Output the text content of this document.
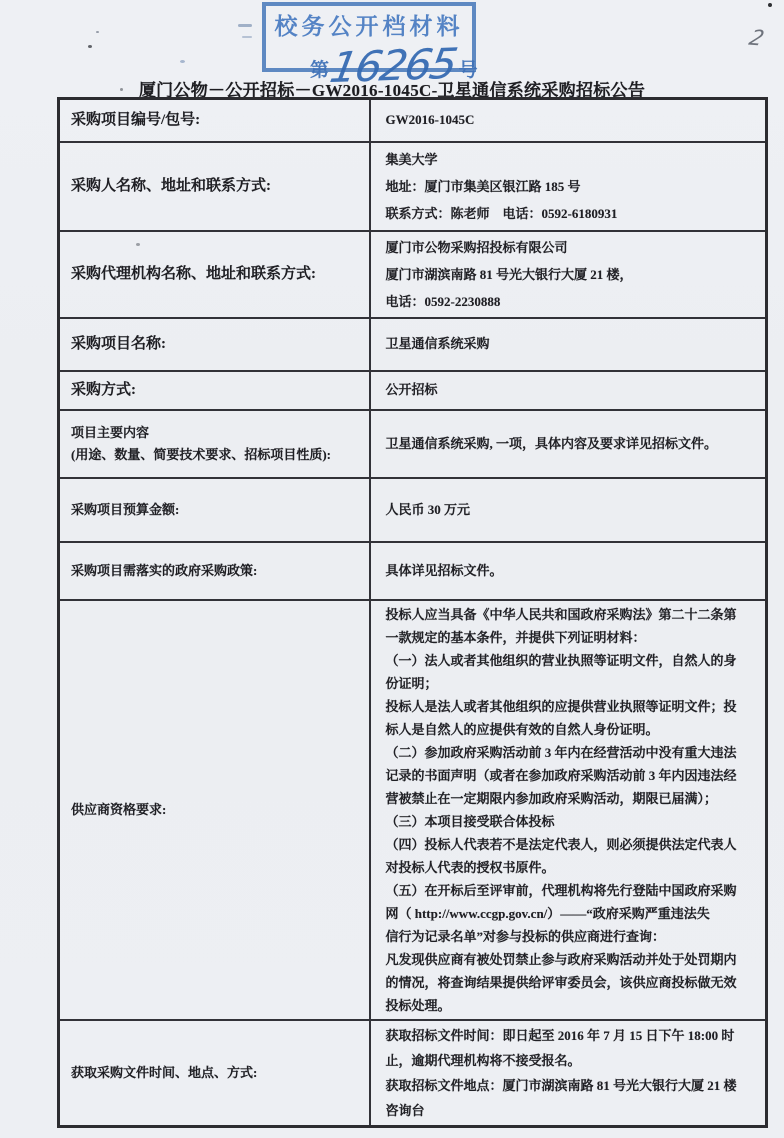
校务公开档材料
第
16265 号
2
厦门公物－公开招标－GW2016-1045C-卫星通信系统采购招标公告
采购项目编号/包号:	GW2016-1045C

采购人名称、地址和联系方式:	集美大学
地址：厦门市集美区银江路 185 号
联系方式：陈老师　电话：0592-6180931

采购代理机构名称、地址和联系方式:	厦门市公物采购招投标有限公司
厦门市湖滨南路 81 号光大银行大厦 21 楼，
电话：0592-2230888

采购项目名称:	卫星通信系统采购

采购方式:	公开招标

项目主要内容
(用途、数量、简要技术要求、招标项目性质):	卫星通信系统采购, 一项，具体内容及要求详见招标文件。

采购项目预算金额:	人民币 30 万元

采购项目需落实的政府采购政策:	具体详见招标文件。

供应商资格要求:

投标人应当具备《中华人民共和国政府采购法》第二十二条第
一款规定的基本条件，并提供下列证明材料：
（一）法人或者其他组织的营业执照等证明文件，自然人的身
份证明；
投标人是法人或者其他组织的应提供营业执照等证明文件；投
标人是自然人的应提供有效的自然人身份证明。
（二）参加政府采购活动前 3 年内在经营活动中没有重大违法
记录的书面声明（或者在参加政府采购活动前 3 年内因违法经
营被禁止在一定期限内参加政府采购活动，期限已届满）；
（三）本项目接受联合体投标
（四）投标人代表若不是法定代表人，则必须提供法定代表人
对投标人代表的授权书原件。
（五）在开标后至评审前，代理机构将先行登陆中国政府采购
网（ http://www.ccgp.gov.cn/）——“政府采购严重违法失
信行为记录名单”对参与投标的供应商进行查询：
凡发现供应商有被处罚禁止参与政府采购活动并处于处罚期内
的情况，将查询结果提供给评审委员会，该供应商投标做无效
投标处理。

获取采购文件时间、地点、方式:	获取招标文件时间：即日起至 2016 年 7 月 15 日下午 18:00 时
止，逾期代理机构将不接受报名。
获取招标文件地点：厦门市湖滨南路 81 号光大银行大厦 21 楼
咨询台
